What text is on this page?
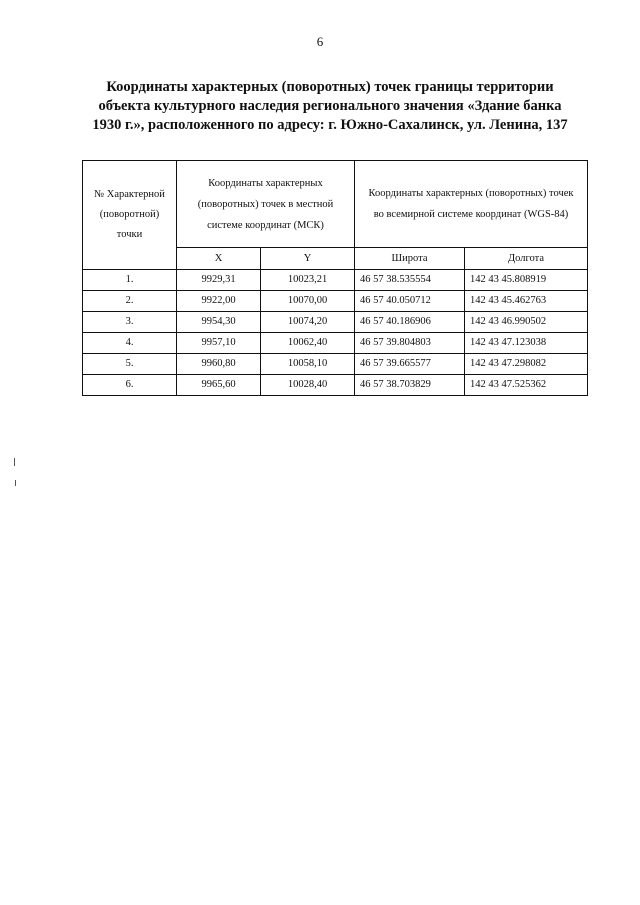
6
Координаты характерных (поворотных) точек границы территории
объекта культурного наследия регионального значения «Здание банка
1930 г.», расположенного по адресу: г. Южно-Сахалинск, ул. Ленина, 137
№ Характерной (поворотной) точки	Координаты характерных (поворотных) точек в местной системе координат (МСК)		Координаты характерных (поворотных) точек во всемирной системе координат (WGS-84)	
	X	Y	Широта	Долгота
1.	9929,31	10023,21	46 57 38.535554	142 43 45.808919
2.	9922,00	10070,00	46 57 40.050712	142 43 45.462763
3.	9954,30	10074,20	46 57 40.186906	142 43 46.990502
4.	9957,10	10062,40	46 57 39.804803	142 43 47.123038
5.	9960,80	10058,10	46 57 39.665577	142 43 47.298082
6.	9965,60	10028,40	46 57 38.703829	142 43 47.525362
